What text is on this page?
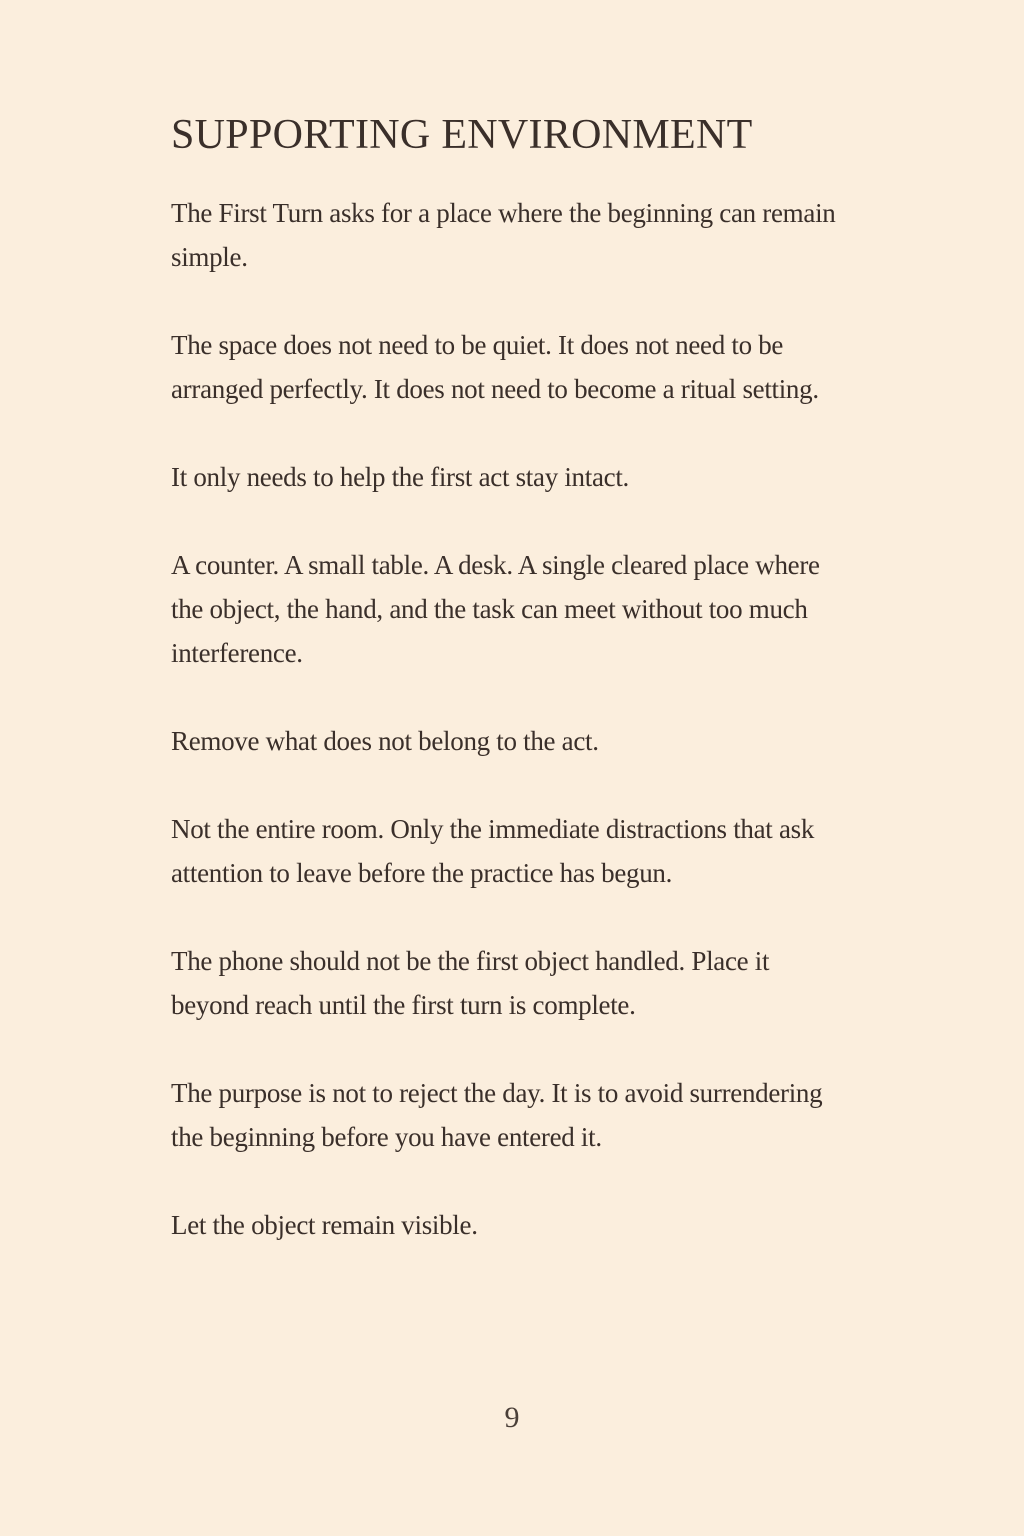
SUPPORTING ENVIRONMENT

The First Turn asks for a place where the beginning can remain simple.

The space does not need to be quiet. It does not need to be arranged perfectly. It does not need to become a ritual setting.

It only needs to help the first act stay intact.

A counter. A small table. A desk. A single cleared place where the object, the hand, and the task can meet without too much interference.

Remove what does not belong to the act.

Not the entire room. Only the immediate distractions that ask attention to leave before the practice has begun.

The phone should not be the first object handled. Place it beyond reach until the first turn is complete.

The purpose is not to reject the day. It is to avoid surrendering the beginning before you have entered it.

Let the object remain visible.

9
